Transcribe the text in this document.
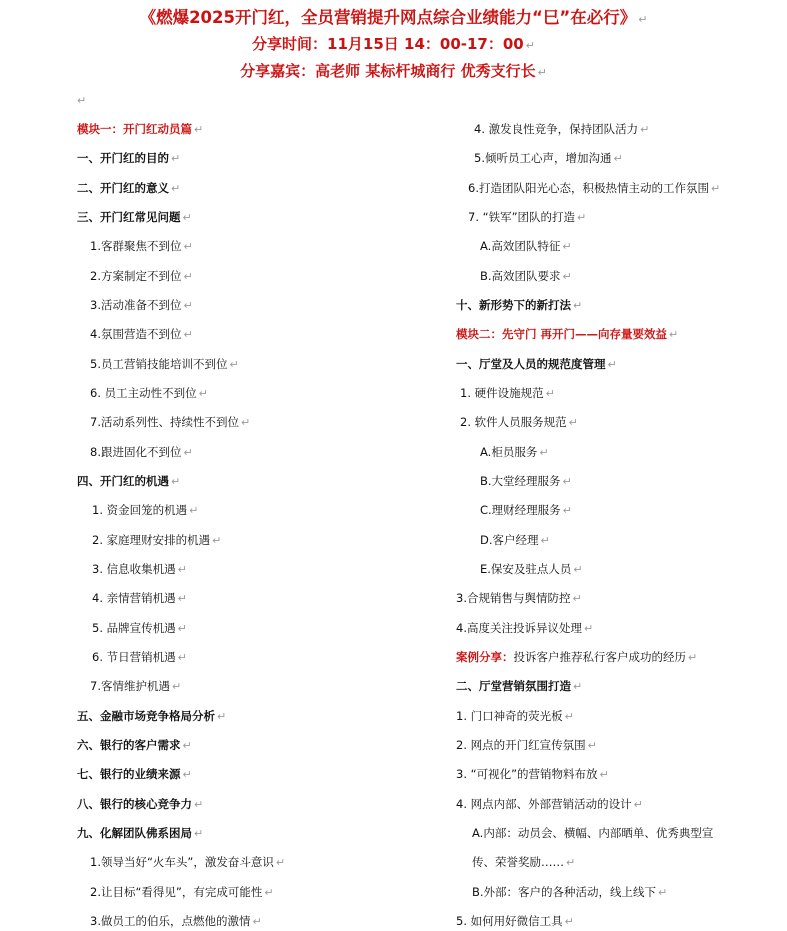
《燃爆2025开门红，全员营销提升网点综合业绩能力“巳”在必行》 ↵
分享时间：11月15日 14：00-17：00 ↵
分享嘉宾：高老师 某标杆城商行 优秀支行长 ↵
↵
模块一：开门红动员篇 ↵
一、开门红的目的 ↵
二、开门红的意义 ↵
三、开门红常见问题 ↵
1.客群聚焦不到位 ↵
2.方案制定不到位 ↵
3.活动准备不到位 ↵
4.氛围营造不到位 ↵
5.员工营销技能培训不到位 ↵
6. 员工主动性不到位 ↵
7.活动系列性、持续性不到位 ↵
8.跟进固化不到位 ↵
四、开门红的机遇 ↵
1. 资金回笼的机遇 ↵
2. 家庭理财安排的机遇 ↵
3. 信息收集机遇 ↵
4. 亲情营销机遇 ↵
5. 品牌宣传机遇 ↵
6. 节日营销机遇 ↵
7.客情维护机遇 ↵
五、金融市场竞争格局分析 ↵
六、银行的客户需求 ↵
七、银行的业绩来源 ↵
八、银行的核心竞争力 ↵
九、化解团队佛系困局 ↵
1.领导当好“火车头”，激发奋斗意识 ↵
2.让目标“看得见”，有完成可能性 ↵
3.做员工的伯乐，点燃他的激情 ↵
4. 激发良性竞争，保持团队活力 ↵
5.倾听员工心声，增加沟通 ↵
6.打造团队阳光心态，积极热情主动的工作氛围 ↵
7. “铁军”团队的打造 ↵
A.高效团队特征 ↵
B.高效团队要求 ↵
十、新形势下的新打法 ↵
模块二：先守门 再开门——向存量要效益 ↵
一、厅堂及人员的规范度管理 ↵
1. 硬件设施规范 ↵
2. 软件人员服务规范 ↵
A.柜员服务 ↵
B.大堂经理服务 ↵
C.理财经理服务 ↵
D.客户经理 ↵
E.保安及驻点人员 ↵
3.合规销售与舆情防控 ↵
4.高度关注投诉异议处理 ↵
案例分享：投诉客户推荐私行客户成功的经历 ↵
二、厅堂营销氛围打造 ↵
1. 门口神奇的荧光板 ↵
2. 网点的开门红宣传氛围 ↵
3. “可视化”的营销物料布放 ↵
4. 网点内部、外部营销活动的设计 ↵
A.内部：动员会、横幅、内部晒单、优秀典型宣
传、荣誉奖励…… ↵
B.外部：客户的各种活动，线上线下 ↵
5. 如何用好微信工具 ↵
